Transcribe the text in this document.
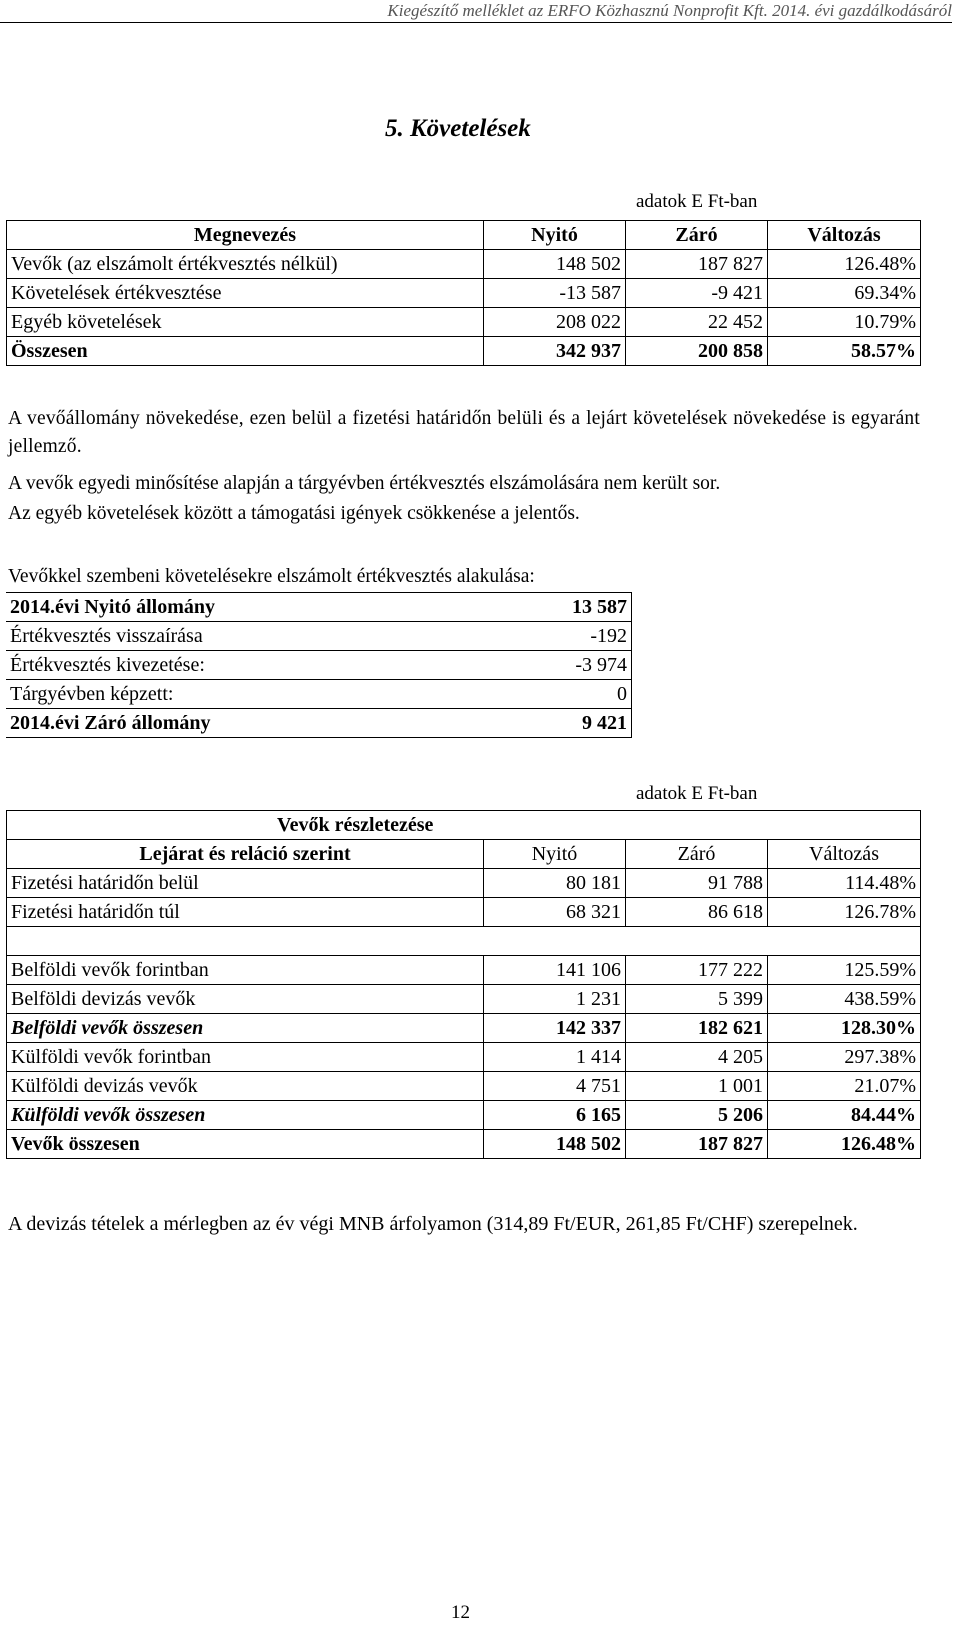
Kiegészítő melléklet az ERFO Közhasznú Nonprofit Kft. 2014. évi gazdálkodásáról
5. Követelések
adatok E Ft-ban
Megnevezés	Nyitó	Záró	Változás
Vevők (az elszámolt értékvesztés nélkül)	148 502	187 827	126.48%
Követelések értékvesztése	-13 587	-9 421	69.34%
Egyéb követelések	208 022	22 452	10.79%
Összesen	342 937	200 858	58.57%
A vevőállomány növekedése, ezen belül a fizetési határidőn belüli és a lejárt követelések növekedése is egyaránt jellemző.
A vevők egyedi minősítése alapján a tárgyévben értékvesztés elszámolására nem került sor.
Az egyéb követelések között a támogatási igények csökkenése a jelentős.
Vevőkkel szembeni követelésekre elszámolt értékvesztés alakulása:
2014.évi Nyitó állomány	13 587
Értékvesztés visszaírása	-192
Értékvesztés kivezetése:	-3 974
Tárgyévben képzett:	0
2014.évi Záró állomány	9 421
adatok E Ft-ban
Vevők részletezése			
Lejárat és reláció szerint	Nyitó	Záró	Változás
Fizetési határidőn belül	80 181	91 788	114.48%
Fizetési határidőn túl	68 321	86 618	126.78%

Belföldi vevők forintban	141 106	177 222	125.59%
Belföldi devizás vevők	1 231	5 399	438.59%
Belföldi vevők összesen	142 337	182 621	128.30%
Külföldi vevők forintban	1 414	4 205	297.38%
Külföldi devizás vevők	4 751	1 001	21.07%
Külföldi vevők összesen	6 165	5 206	84.44%
Vevők összesen	148 502	187 827	126.48%
A devizás tételek a mérlegben az év végi MNB árfolyamon (314,89 Ft/EUR, 261,85 Ft/CHF) szerepelnek.
12
